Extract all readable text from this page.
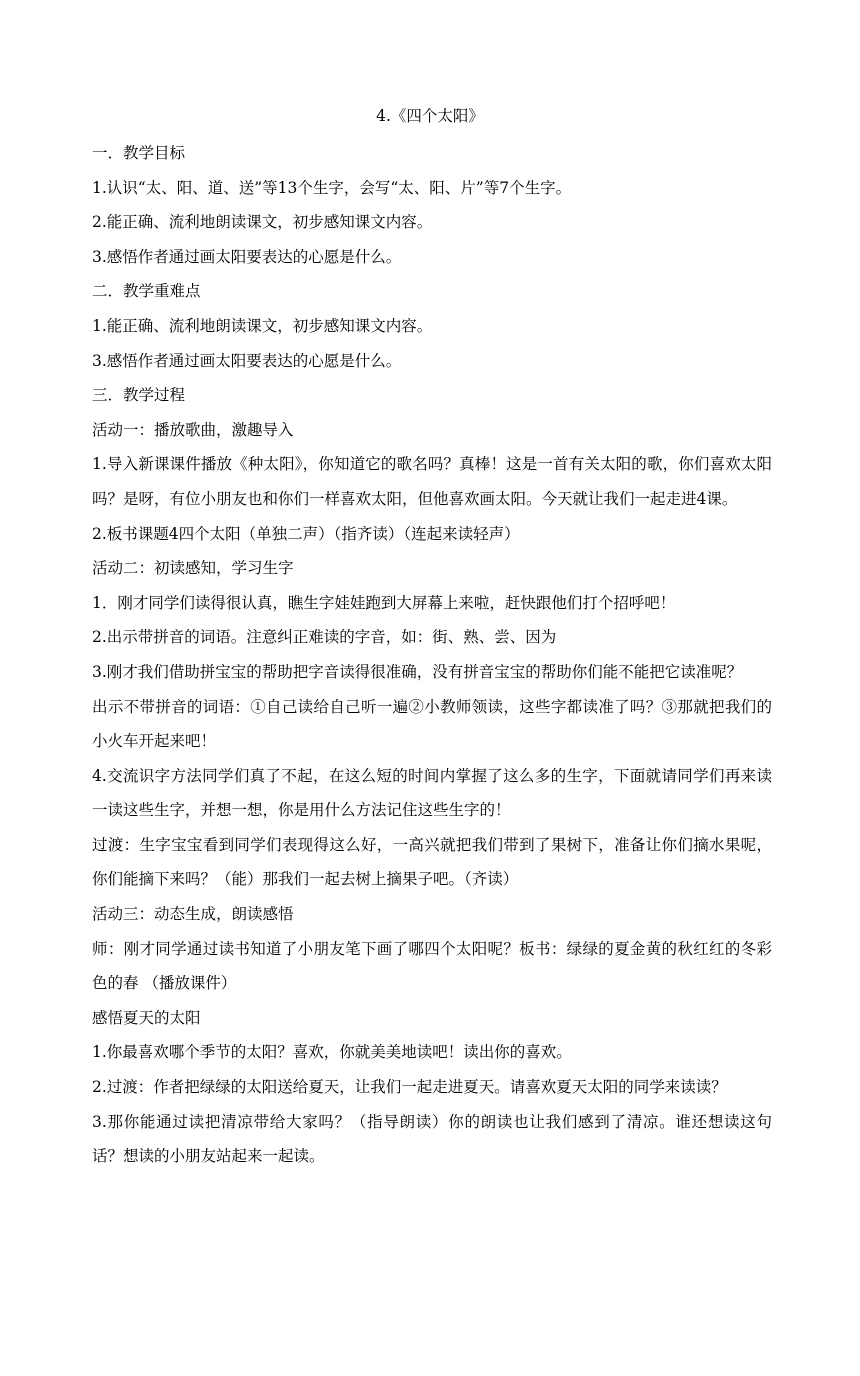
4.《四个太阳》

一．教学目标

1.认识“太、阳、道、送”等13个生字，会写“太、阳、片”等7个生字。

2.能正确、流利地朗读课文，初步感知课文内容。

3.感悟作者通过画太阳要表达的心愿是什么。

二．教学重难点

1.能正确、流利地朗读课文，初步感知课文内容。

3.感悟作者通过画太阳要表达的心愿是什么。

三．教学过程

活动一：播放歌曲，激趣导入

1.导入新课课件播放《种太阳》，你知道它的歌名吗？真棒！这是一首有关太阳的歌，你们喜欢太阳吗？是呀，有位小朋友也和你们一样喜欢太阳，但他喜欢画太阳。今天就让我们一起走进4课。

2.板书课题4四个太阳（单独二声）（指齐读）（连起来读轻声）

活动二：初读感知，学习生字

1．刚才同学们读得很认真，瞧生字娃娃跑到大屏幕上来啦，赶快跟他们打个招呼吧！

2.出示带拼音的词语。注意纠正难读的字音，如：街、熟、尝、因为

3.刚才我们借助拼宝宝的帮助把字音读得很准确，没有拼音宝宝的帮助你们能不能把它读准呢？

出示不带拼音的词语：①自己读给自己听一遍②小教师领读，这些字都读准了吗？③那就把我们的小火车开起来吧！

4.交流识字方法同学们真了不起，在这么短的时间内掌握了这么多的生字，下面就请同学们再来读一读这些生字，并想一想，你是用什么方法记住这些生字的！

过渡：生字宝宝看到同学们表现得这么好，一高兴就把我们带到了果树下，准备让你们摘水果呢，你们能摘下来吗？（能）那我们一起去树上摘果子吧。（齐读）

活动三：动态生成，朗读感悟

师：刚才同学通过读书知道了小朋友笔下画了哪四个太阳呢？板书：绿绿的夏金黄的秋红红的冬彩色的春 （播放课件）

感悟夏天的太阳

1.你最喜欢哪个季节的太阳？喜欢，你就美美地读吧！读出你的喜欢。

2.过渡：作者把绿绿的太阳送给夏天，让我们一起走进夏天。请喜欢夏天太阳的同学来读读？

3.那你能通过读把清凉带给大家吗？（指导朗读）你的朗读也让我们感到了清凉。谁还想读这句话？想读的小朋友站起来一起读。
